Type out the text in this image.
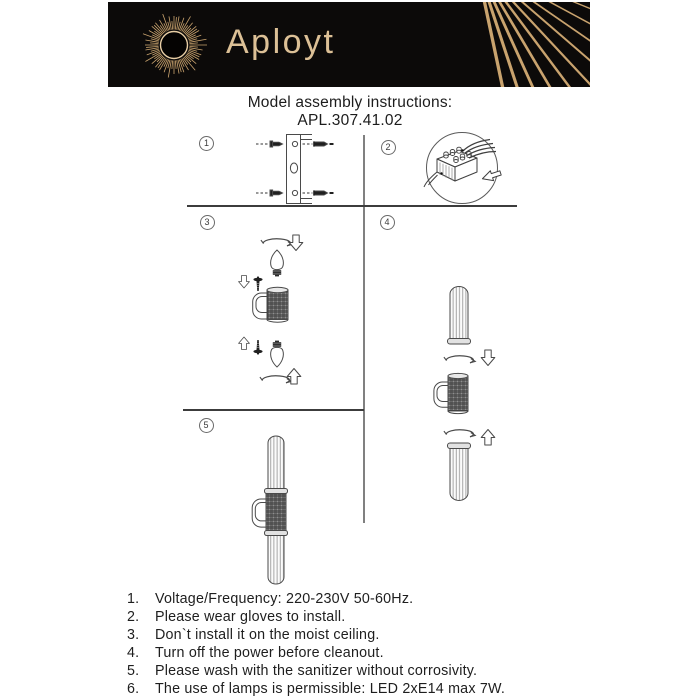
Aployt
Model assembly instructions:
APL.307.41.02
1	2
3	4
5
1.	Voltage/Frequency: 220-230V 50-60Hz.
2.	Please wear gloves to install.
3.	Don`t install it on the moist ceiling.
4.	Turn off the power before cleanout.
5.	Please wash with the sanitizer without corrosivity.
6.	The use of lamps is permissible: LED 2xE14 max 7W.
